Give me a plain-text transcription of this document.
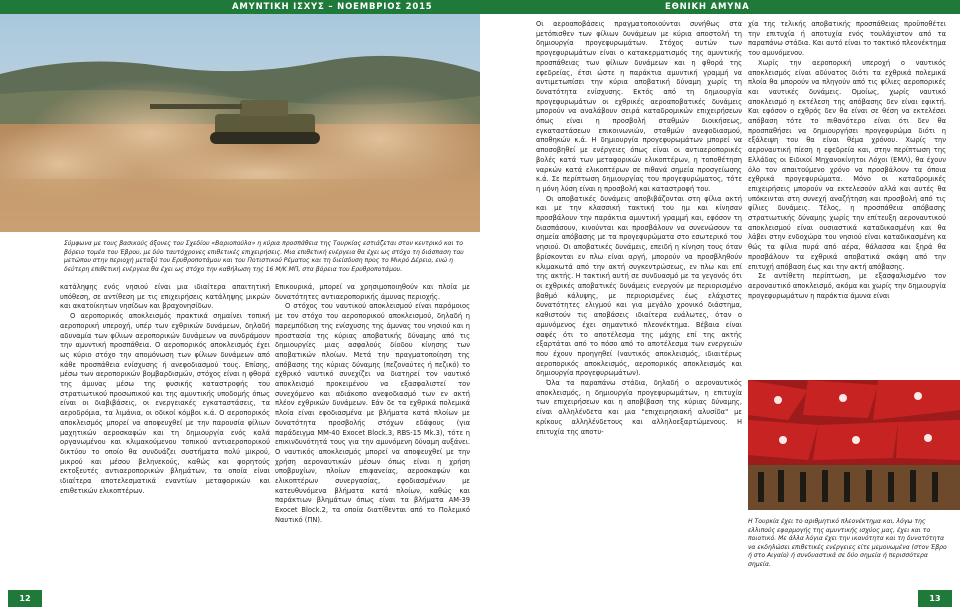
ΑΜΥΝΤΙΚΗ ΙΣΧΥΣ – ΝΟΕΜΒΡΙΟΣ 2015

Σύμφωνα με τους βασικούς άξονες του Σχεδίου «Βαριοπούλα» η κύρια προσπάθεια της Τουρκίας εστιάζεται στον κεντρικό και το βόρειο τομέα του Έβρου, με δύο ταυτόχρονες επιθετικές επιχειρήσεις. Μια επιθετική ενέργεια θα έχει ως στόχο τη διάσπαση του μετώπου στην περιοχή μεταξύ του Ερυθροποτάμου και του Ποτιστικού Ρέματος και τη διείσδυση προς το Μικρό Δέρειο, ενώ η δεύτερη επιθετική ενέργεια θα έχει ως στόχο την καθήλωση της 16 Μ/Κ ΜΠ, στα βόρεια του Ερυθροποτάμου.

κατάληψης ενός νησιού είναι μια ιδιαίτερα απαιτητική υπόθεση, σε αντίθεση με τις επιχειρήσεις κατάληψης μικρών και ακατοίκητων νησίδων και βραχονησίδων.

Ο αεροπορικός αποκλεισμός πρακτικά σημαίνει τοπική αεροπορική υπεροχή, υπέρ των εχθρικών δυνάμεων, δηλαδή αδυναμία των φίλιων αεροπορικών δυνάμεων να συνδράμουν την αμυντική προσπάθεια. Ο αεροπορικός αποκλεισμός έχει ως κύριο στόχο την απομόνωση των φίλιων δυνάμεων από κάθε προσπάθεια ενίσχυσης ή ανεφοδιασμού τους. Επίσης, μέσω των αεροπορικών βομβαρδισμών, στόχος είναι η φθορά της άμυνας μέσω της φυσικής καταστροφής του στρατιωτικού προσωπικού και της αμυντικής υποδομής όπως είναι οι διαβιβάσεις, οι ενεργειακές εγκαταστάσεις, τα αεροδρόμια, τα λιμάνια, οι οδικοί κόμβοι κ.ά. Ο αεροπορικός αποκλεισμός μπορεί να αποφευχθεί με την παρουσία φίλιων μαχητικών αεροσκαφών και τη δημιουργία ενός καλά οργανωμένου και κλιμακούμενου τοπικού αντιαεροπορικού δικτύου το οποίο θα συνδυάζει συστήματα πολύ μικρού, μικρού και μέσου βεληνεκούς, καθώς και φορητούς εκτοξευτές αντιαεροπορικών βλημάτων, τα οποία είναι ιδιαίτερα αποτελεσματικά εναντίων μεταφορικών και επιθετικών ελικοπτέρων.

Επικουρικά, μπορεί να χρησιμοποιηθούν και πλοία με δυνατότητες αντιαεροπορικής άμυνας περιοχής.

Ο στόχος του ναυτικού αποκλεισμού είναι παρόμοιος με τον στόχο του αεροπορικού αποκλεισμού, δηλαδή η παρεμπόδιση της ενίσχυσης της άμυνας του νησιού και η προστασία της κύριας αποβατικής δύναμης από τις δημιουργίες μιας ασφαλούς δίοδου κίνησης των αποβατικών πλοίων. Μετά την πραγματοποίηση της απόβασης της κύριας δύναμης (πεζοναύτες ή πεζικό) το εχθρικό ναυτικό συνεχίζει να διατηρεί τον ναυτικό αποκλεισμό προκειμένου να εξασφαλιστεί τον συνεχόμενο και αδιάκοπο ανεφοδιασμό των εν ακτή πλέον εχθρικών δυνάμεων. Εάν δε τα εχθρικά πολεμικά πλοία είναι εφοδιασμένα με βλήματα κατά πλοίων με δυνατότητα προσβολής στόχων εδάφους (για παράδειγμα MM-40 Exocet Block.3, RBS-15 Mk.3), τότε η επικινδυνότητά τους για την αμυνόμενη δύναμη αυξάνει. Ο ναυτικός αποκλεισμός μπορεί να αποφευχθεί με την χρήση αεροναυτικών μέσων όπως είναι η χρήση υποβρυχίων, πλοίων επιφανείας, αεροσκαφών και ελικοπτέρων συνεργασίας, εφοδιασμένων με κατευθυνόμενα βλήματα κατά πλοίων, καθώς και παράκτιων βλημάτων όπως είναι τα βλήματα AM-39 Exocet Block.2, τα οποία διατίθενται από το Πολεμικό Ναυτικό (ΠΝ).

12
ΕΘΝΙΚΗ ΑΜΥΝΑ

Οι αεροαποβάσεις πραγματοποιούνται συνήθως στα μετόπισθεν των φίλιων δυνάμεων με κύρια αποστολή τη δημιουργία προγεφυρωμάτων. Στόχος αυτών των προγεφυρωμάτων είναι ο κατακερματισμός της αμυντικής προσπάθειας των φίλιων δυνάμεων και η φθορά της εφεδρείας, έτσι ώστε η παράκτια αμυντική γραμμή να αντιμετωπίσει την κύρια αποβατική δύναμη χωρίς τη δυνατότητα ενίσχυσης. Εκτός από τη δημιουργία προγεφυρωμάτων οι εχθρικές αεροαποβατικές δυνάμεις μπορούν να αναλάβουν σειρά καταδρομικών επιχειρήσεων όπως είναι η προσβολή σταθμών διοικήσεως, εγκαταστάσεων επικοινωνιών, σταθμών ανεφοδιασμού, αποθηκών κ.ά. Η δημιουργία προγεφυρωμάτων μπορεί να αποσοβηθεί με ενέργειες όπως είναι οι αντιαεροπορικές βολές κατά των μεταφορικών ελικοπτέρων, η τοποθέτηση ναρκών κατά ελικοπτέρων σε πιθανά σημεία προσγείωσης κ.ά. Σε περίπτωση δημιουργίας του προγεφυρώματος, τότε η μόνη λύση είναι η προσβολή και καταστροφή του.

Οι αποβατικές δυνάμεις αποβιβάζονται στη φίλια ακτή και με την κλασσική τακτική του ημ και κίνησαν προσβάλουν την παράκτια αμυντική γραμμή και, εφόσον τη διασπάσουν, κινούνται και προσβάλουν να συνενώσουν τα σημεία απόβασης με τα προγεφυρώματα στο εσωτερικό του νησιού. Οι αποβατικές δυνάμεις, επειδή η κίνηση τους όταν βρίσκονται εν πλω είναι αργή, μπορούν να προσβληθούν κλιμακωτά από την ακτή συγκεντρώσεως, εν πλω και επί της ακτής. Η τακτική αυτή σε συνδυασμό με τα γεγονός ότι οι εχθρικές αποβατικές δυνάμεις ενεργούν με περιορισμένο βαθμό κάλυψης, με περιορισμένες έως ελάχιστες δυνατότητες ελιγμού και για μεγάλο χρονικό διάστημα, καθιστούν τις αποβάσεις ιδιαίτερα ευάλωτες, όταν ο αμυνόμενος έχει σημαντικό πλεονέκτημα. Βέβαια είναι σαφές ότι το αποτέλεσμα της μάχης επί της ακτής εξαρτάται από το πόσο από το αποτέλεσμα των ενεργειών που έχουν προηγηθεί (ναυτικός αποκλεισμός, ιδιαιτέρως αεροπορικός αποκλεισμός, αεροπορικός αποκλεισμός και δημιουργία προγεφυρωμάτων).

Όλα τα παραπάνω στάδια, δηλαδή ο αεροναυτικός αποκλεισμός, η δημιουργία προγεφυρωμάτων, η επιτυχία των επιχειρήσεων και η αποβίβαση της κύριας δύναμης, είναι αλληλένδετα και μια "επιχειρησιακή αλυσίδα" με κρίκους αλληλένδετους και αλληλοεξαρτώμενους. Η επιτυχία της αποτυ-

χία της τελικής αποβατικής προσπάθειας προϋποθέτει την επιτυχία ή αποτυχία ενός τουλάχιστον από τα παραπάνω στάδια. Και αυτό είναι το τακτικό πλεονέκτημα του αμυνόμενου.

Χωρίς την αεροπορική υπεροχή ο ναυτικός αποκλεισμός είναι αδύνατος διότι τα εχθρικά πολεμικά πλοία θα μπορούν να πληγούν από τις φίλιες αεροπορικές και ναυτικές δυνάμεις. Ομοίως, χωρίς ναυτικό αποκλεισμό η εκτέλεση της απόβασης δεν είναι εφικτή. Και εφόσον ο εχθρός δεν θα είναι σε θέση να εκτελέσει απόβαση τότε το πιθανότερο είναι ότι δεν θα προσπαθήσει να δημιουργήσει προγεφυρώμα διότι η εξάλειψη του θα είναι θέμα χρόνου. Χωρίς την αεροναυτική πίεση η εφεδρεία και, στην περίπτωση της Ελλάδας οι Ειδικοί Μηχανοκίνητοι Λόχοι (ΕΜΛ), θα έχουν όλο τον απαιτούμενο χρόνο να προσβάλουν τα όποια εχθρικά προγεφυρώματα. Μόνο οι καταδρομικές επιχειρήσεις μπορούν να εκτελεσούν αλλά και αυτές θα υπόκεινται στη συνεχή αναζήτηση και προσβολή από τις φίλιες δυνάμεις. Τέλος, η προσπάθεια απόβασης στρατιωτικής δύναμης χωρίς την επίτευξη αεροναυτικού αποκλεισμού είναι ουσιαστικά καταδικασμένη και θα λάβει στην ενδοχώρα του νησιού είναι καταδικασμένη κα θώς τα φίλια πυρά από αέρα, θάλασσα και ξηρά θα προσβάλουν τα εχθρικά αποβατικά σκάφη από την επιτυχή απόβαση έως και την ακτή απόβασης.

Σε αντίθετη περίπτωση, με εξασφαλισμένο τον αεροναυτικό αποκλεισμό, ακόμα και χωρίς την δημιουργία προγεφυρωμάτων η παράκτια άμυνα είναι

Η Τουρκία έχει το αριθμητικό πλεονέκτημα και, λόγω της ελλιπούς εφαρμογής της αμυντικής ισχύος μας, έχει και το ποιοτικό. Με άλλα λόγια έχει την ικανότητα και τη δυνατότητα να εκδηλώσει επιθετικές ενέργειες είτε μεμονωμένα (στον Έβρο ή στο Αιγαίο) ή συνδυαστικά σε δύο σημεία ή περισσότερα σημεία.

13
